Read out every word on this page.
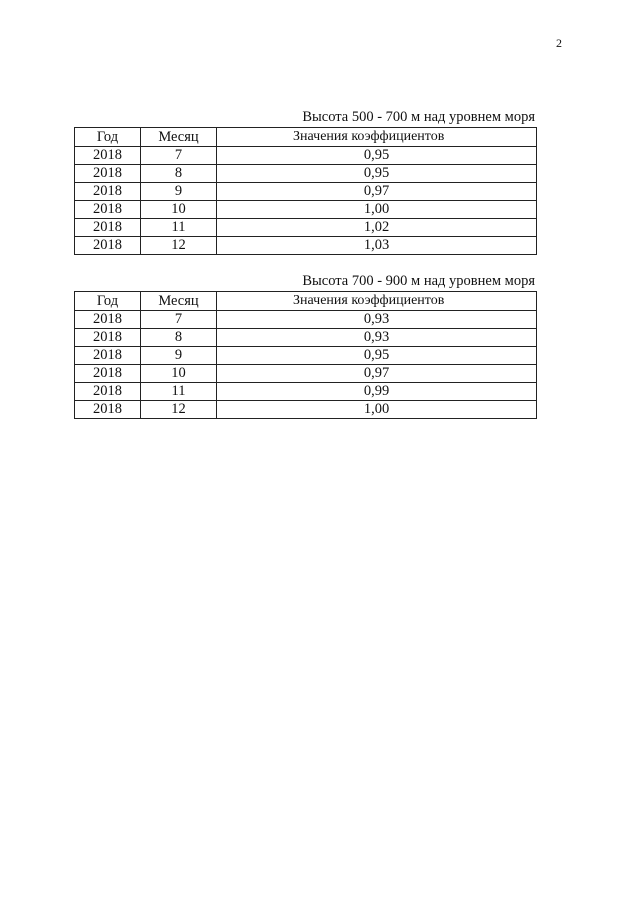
2
Высота 500 - 700 м над уровнем моря
Год	Месяц	Значения коэффициентов
2018	7	0,95
2018	8	0,95
2018	9	0,97
2018	10	1,00
2018	11	1,02
2018	12	1,03
Высота 700 - 900 м над уровнем моря
Год	Месяц	Значения коэффициентов
2018	7	0,93
2018	8	0,93
2018	9	0,95
2018	10	0,97
2018	11	0,99
2018	12	1,00
